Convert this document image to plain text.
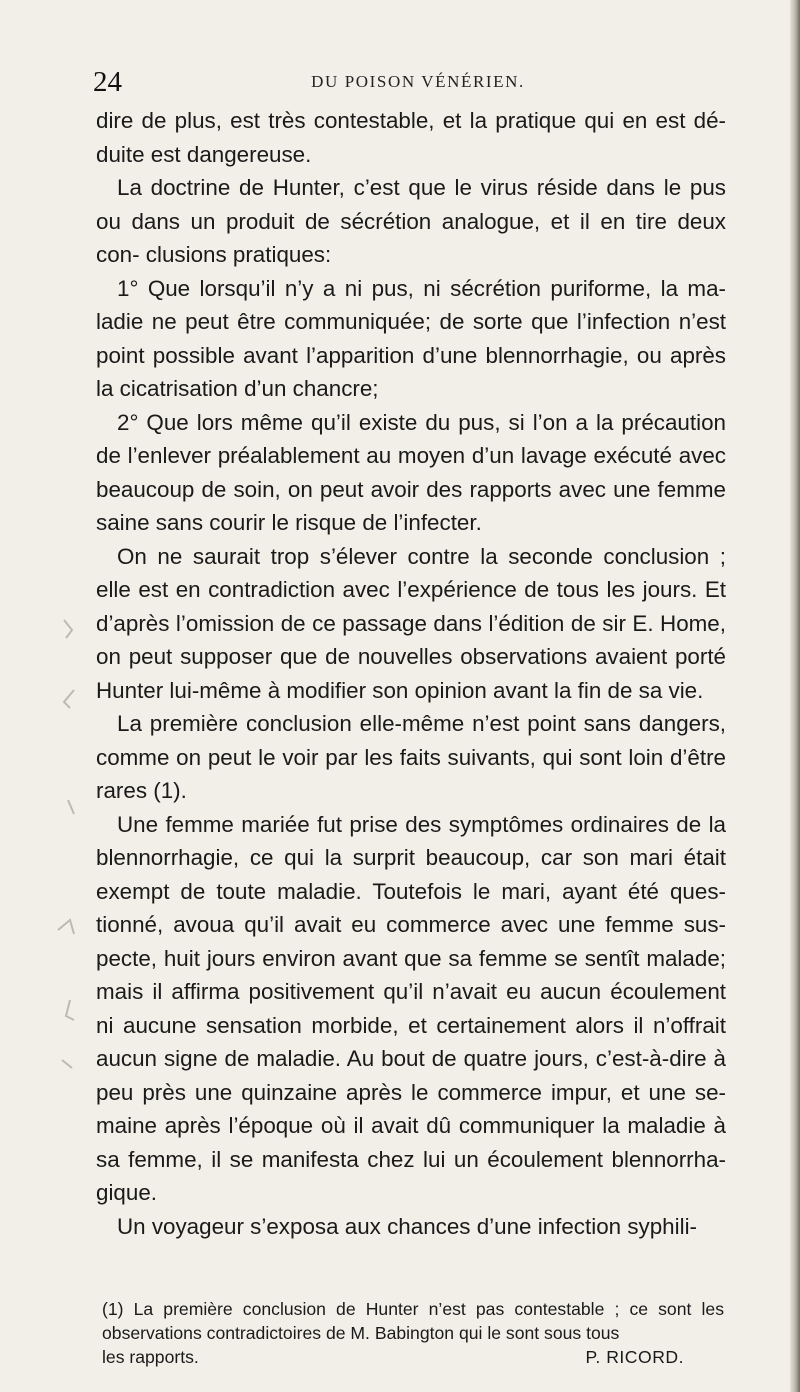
24	DU POISON VÉNÉRIEN.

dire de plus, est très contestable, et la pratique qui en est dé- duite est dangereuse.

La doctrine de Hunter, c’est que le virus réside dans le pus ou dans un produit de sécrétion analogue, et il en tire deux con- clusions pratiques:

1° Que lorsqu’il n’y a ni pus, ni sécrétion puriforme, la ma- ladie ne peut être communiquée; de sorte que l’infection n’est point possible avant l’apparition d’une blennorrhagie, ou après la cicatrisation d’un chancre;

2° Que lors même qu’il existe du pus, si l’on a la précaution de l’enlever préalablement au moyen d’un lavage exécuté avec beaucoup de soin, on peut avoir des rapports avec une femme saine sans courir le risque de l’infecter.

On ne saurait trop s’élever contre la seconde conclusion ; elle est en contradiction avec l’expérience de tous les jours. Et d’après l’omission de ce passage dans l’édition de sir E. Home, on peut supposer que de nouvelles observations avaient porté Hunter lui-même à modifier son opinion avant la fin de sa vie.

La première conclusion elle-même n’est point sans dangers, comme on peut le voir par les faits suivants, qui sont loin d’être rares (1).

Une femme mariée fut prise des symptômes ordinaires de la blennorrhagie, ce qui la surprit beaucoup, car son mari était exempt de toute maladie. Toutefois le mari, ayant été ques- tionné, avoua qu’il avait eu commerce avec une femme sus- pecte, huit jours environ avant que sa femme se sentît malade; mais il affirma positivement qu’il n’avait eu aucun écoulement ni aucune sensation morbide, et certainement alors il n’offrait aucun signe de maladie. Au bout de quatre jours, c’est-à-dire à peu près une quinzaine après le commerce impur, et une se- maine après l’époque où il avait dû communiquer la maladie à sa femme, il se manifesta chez lui un écoulement blennorrha- gique.

Un voyageur s’exposa aux chances d’une infection syphili-

(1) La première conclusion de Hunter n’est pas contestable ; ce sont les observations contradictoires de M. Babington qui le sont sous tous

les rapports.	P. RICORD.
